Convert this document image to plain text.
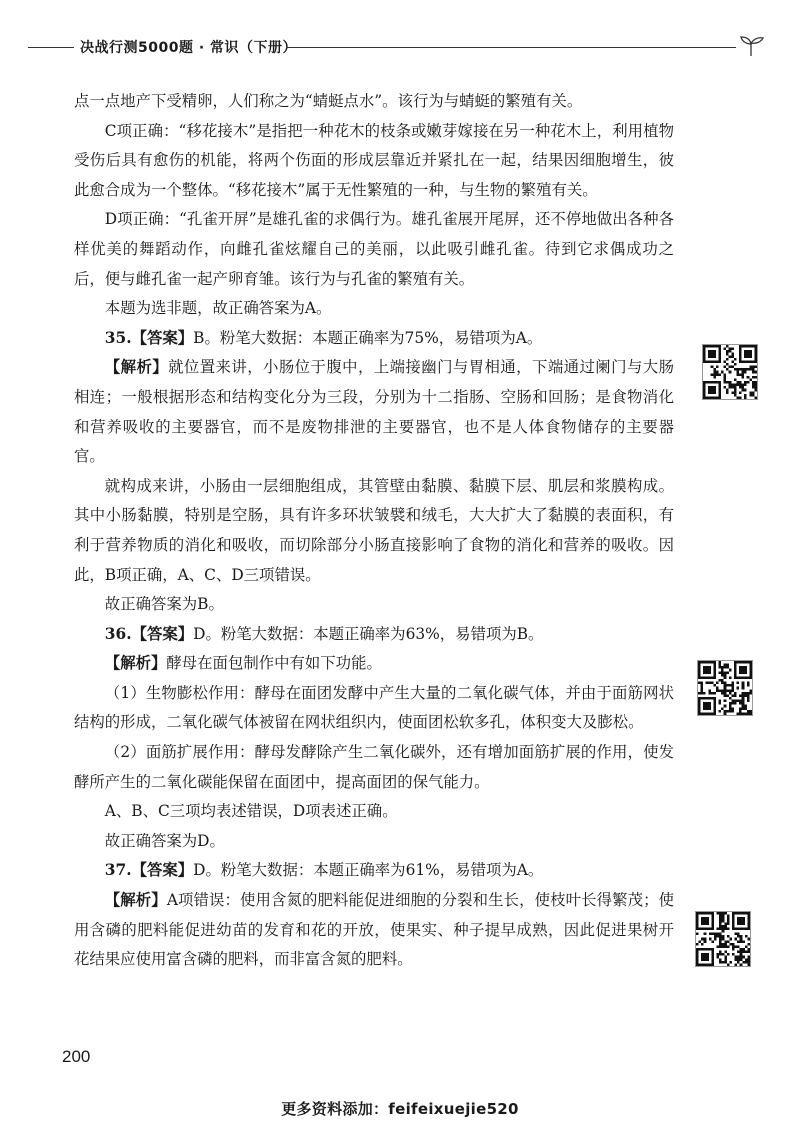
决战行测5000题 · 常识（下册）

点一点地产下受精卵，人们称之为“蜻蜓点水”。该行为与蜻蜓的繁殖有关。

C项正确：“移花接木”是指把一种花木的枝条或嫩芽嫁接在另一种花木上，利用植物受伤后具有愈伤的机能，将两个伤面的形成层靠近并紧扎在一起，结果因细胞增生，彼此愈合成为一个整体。“移花接木”属于无性繁殖的一种，与生物的繁殖有关。

D项正确：“孔雀开屏”是雄孔雀的求偶行为。雄孔雀展开尾屏，还不停地做出各种各样优美的舞蹈动作，向雌孔雀炫耀自己的美丽，以此吸引雌孔雀。待到它求偶成功之后，便与雌孔雀一起产卵育雏。该行为与孔雀的繁殖有关。

本题为选非题，故正确答案为A。

35.【答案】B。粉笔大数据：本题正确率为75%，易错项为A。

【解析】就位置来讲，小肠位于腹中，上端接幽门与胃相通，下端通过阑门与大肠相连；一般根据形态和结构变化分为三段，分别为十二指肠、空肠和回肠；是食物消化和营养吸收的主要器官，而不是废物排泄的主要器官，也不是人体食物储存的主要器官。

就构成来讲，小肠由一层细胞组成，其管壁由黏膜、黏膜下层、肌层和浆膜构成。其中小肠黏膜，特别是空肠，具有许多环状皱襞和绒毛，大大扩大了黏膜的表面积，有利于营养物质的消化和吸收，而切除部分小肠直接影响了食物的消化和营养的吸收。因此，B项正确，A、C、D三项错误。

故正确答案为B。

36.【答案】D。粉笔大数据：本题正确率为63%，易错项为B。

【解析】酵母在面包制作中有如下功能。

（1）生物膨松作用：酵母在面团发酵中产生大量的二氧化碳气体，并由于面筋网状结构的形成，二氧化碳气体被留在网状组织内，使面团松软多孔，体积变大及膨松。

（2）面筋扩展作用：酵母发酵除产生二氧化碳外，还有增加面筋扩展的作用，使发酵所产生的二氧化碳能保留在面团中，提高面团的保气能力。

A、B、C三项均表述错误，D项表述正确。

故正确答案为D。

37.【答案】D。粉笔大数据：本题正确率为61%，易错项为A。

【解析】A项错误：使用含氮的肥料能促进细胞的分裂和生长，使枝叶长得繁茂；使用含磷的肥料能促进幼苗的发育和花的开放，使果实、种子提早成熟，因此促进果树开花结果应使用富含磷的肥料，而非富含氮的肥料。

200
更多资料添加：feifeixuejie520
